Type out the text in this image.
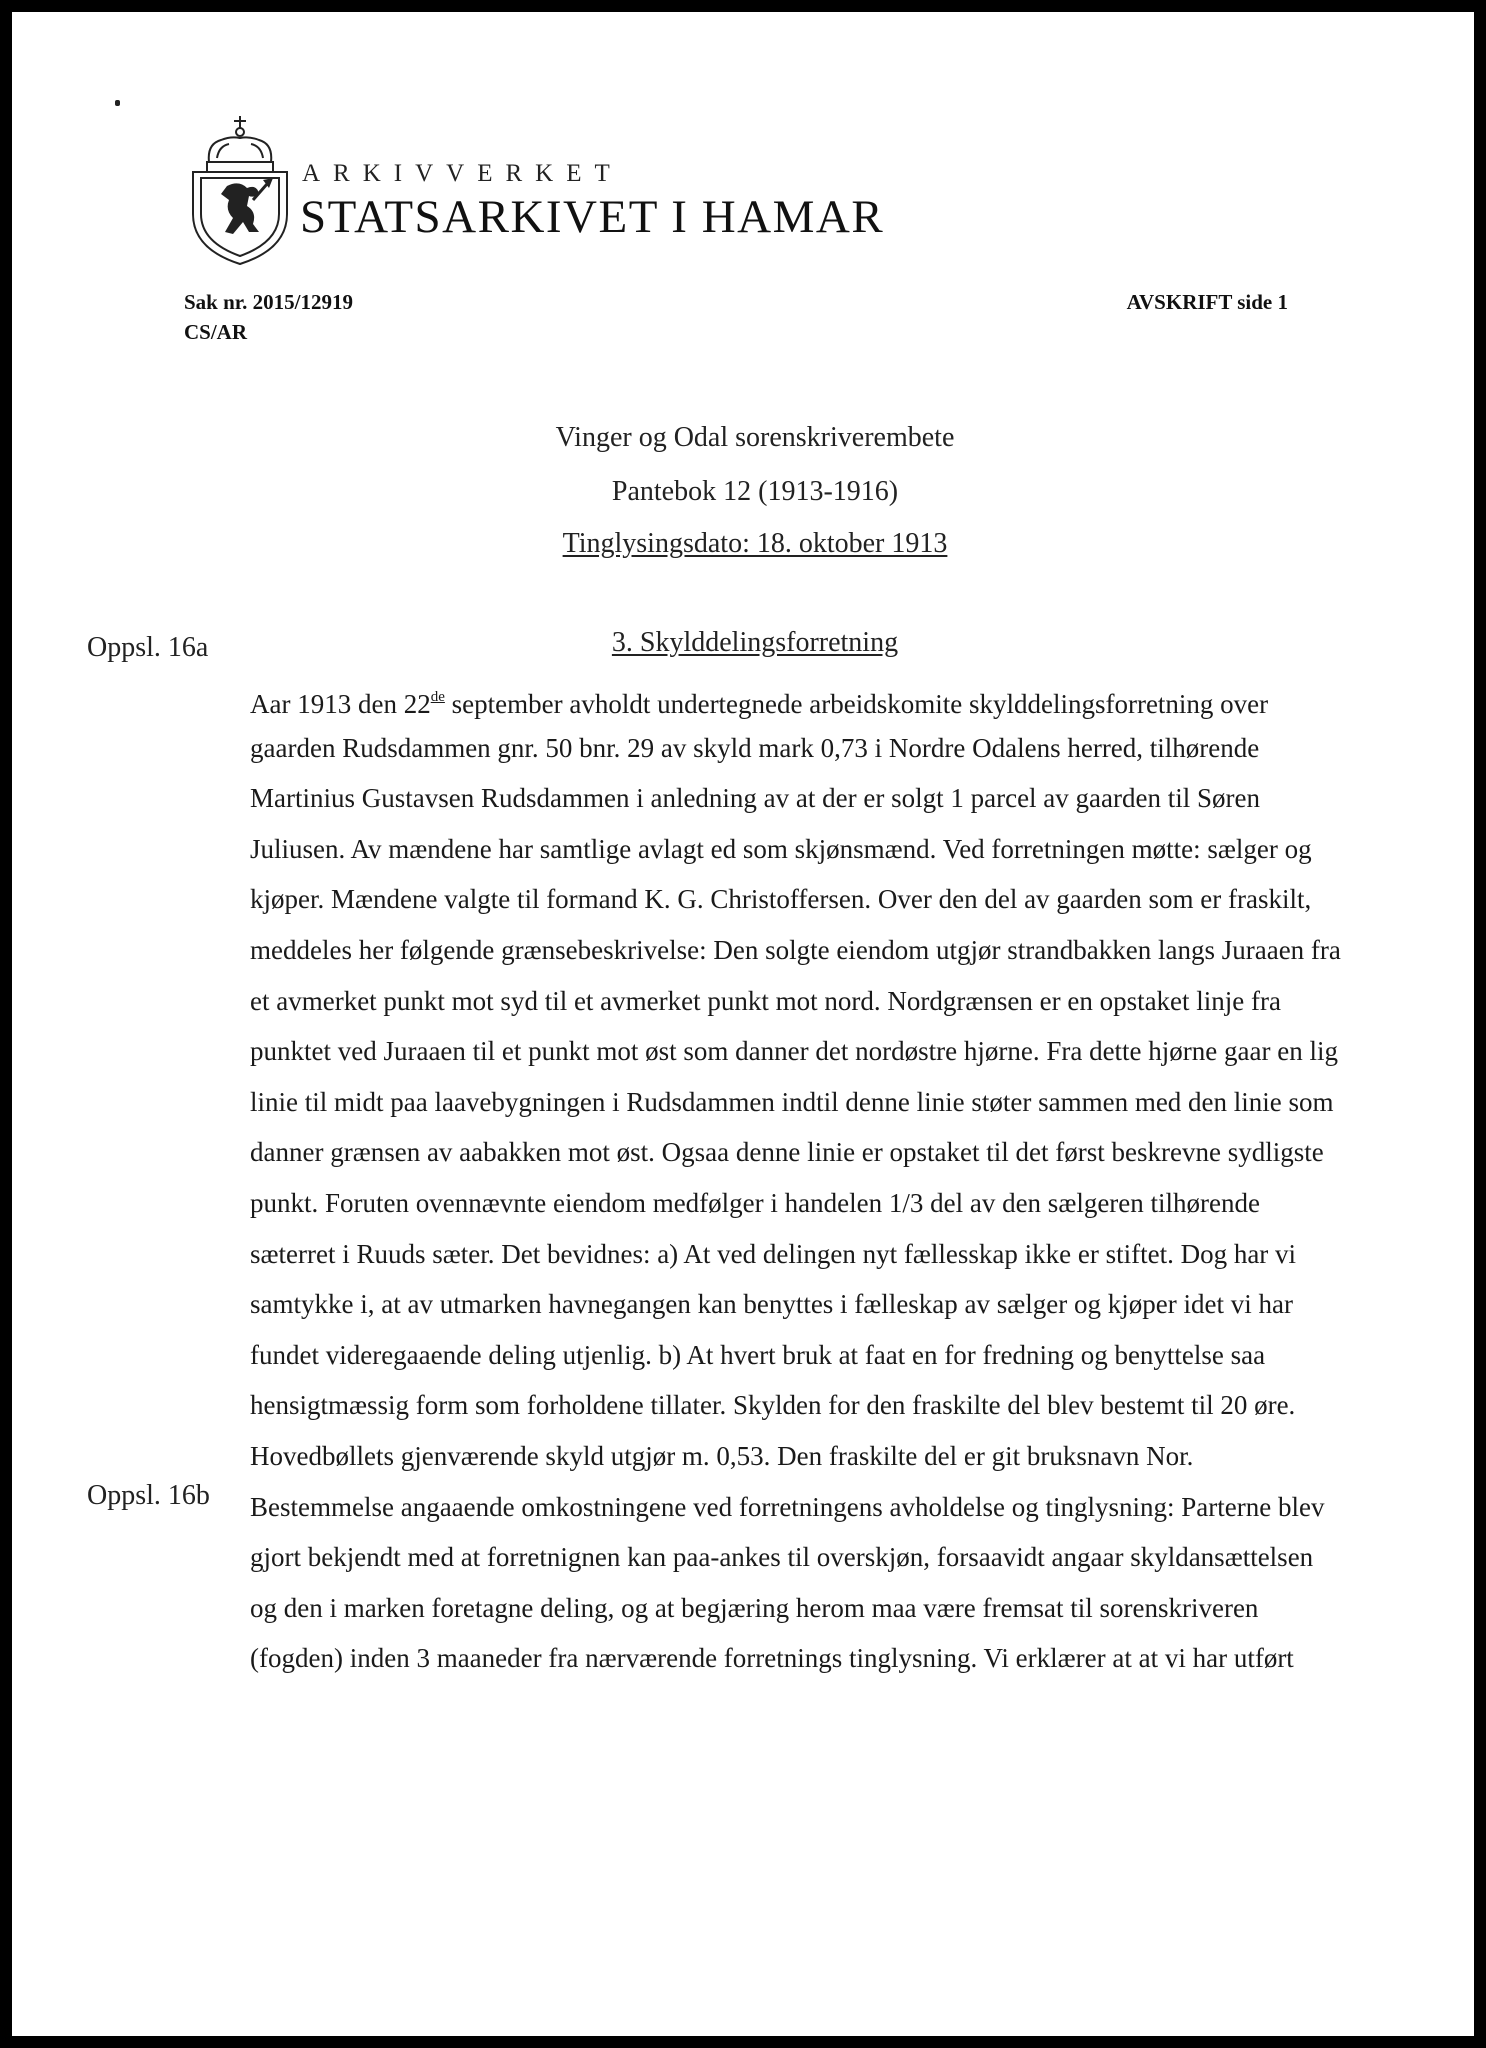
ARKIVVERKET
STATSARKIVET I HAMAR
Sak nr. 2015/12919
CS/AR
AVSKRIFT side 1
Vinger og Odal sorenskriverembete
Pantebok 12 (1913-1916)
Tinglysingsdato: 18. oktober 1913
Oppsl. 16a
Oppsl. 16b
3. Skylddelingsforretning
Aar 1913 den 22de september avholdt undertegnede arbeidskomite skylddelingsforretning over
gaarden Rudsdammen gnr. 50 bnr. 29 av skyld mark 0,73 i Nordre Odalens herred, tilhørende
Martinius Gustavsen Rudsdammen i anledning av at der er solgt 1 parcel av gaarden til Søren
Juliusen. Av mændene har samtlige avlagt ed som skjønsmænd. Ved forretningen møtte: sælger og
kjøper. Mændene valgte til formand K. G. Christoffersen. Over den del av gaarden som er fraskilt,
meddeles her følgende grænsebeskrivelse: Den solgte eiendom utgjør strandbakken langs Juraaen fra
et avmerket punkt mot syd til et avmerket punkt mot nord. Nordgrænsen er en opstaket linje fra
punktet ved Juraaen til et punkt mot øst som danner det nordøstre hjørne. Fra dette hjørne gaar en lig
linie til midt paa laavebygningen i Rudsdammen indtil denne linie støter sammen med den linie som
danner grænsen av aabakken mot øst. Ogsaa denne linie er opstaket til det først beskrevne sydligste
punkt. Foruten ovennævnte eiendom medfølger i handelen 1/3 del av den sælgeren tilhørende
sæterret i Ruuds sæter. Det bevidnes: a) At ved delingen nyt fællesskap ikke er stiftet. Dog har vi
samtykke i, at av utmarken havnegangen kan benyttes i fælleskap av sælger og kjøper idet vi har
fundet videregaaende deling utjenlig. b) At hvert bruk at faat en for fredning og benyttelse saa
hensigtmæssig form som forholdene tillater. Skylden for den fraskilte del blev bestemt til 20 øre.
Hovedbøllets gjenværende skyld utgjør m. 0,53. Den fraskilte del er git bruksnavn Nor.
Bestemmelse angaaende omkostningene ved forretningens avholdelse og tinglysning: Parterne blev
gjort bekjendt med at forretnignen kan paa-ankes til overskjøn, forsaavidt angaar skyldansættelsen
og den i marken foretagne deling, og at begjæring herom maa være fremsat til sorenskriveren
(fogden) inden 3 maaneder fra nærværende forretnings tinglysning. Vi erklærer at at vi har utført
